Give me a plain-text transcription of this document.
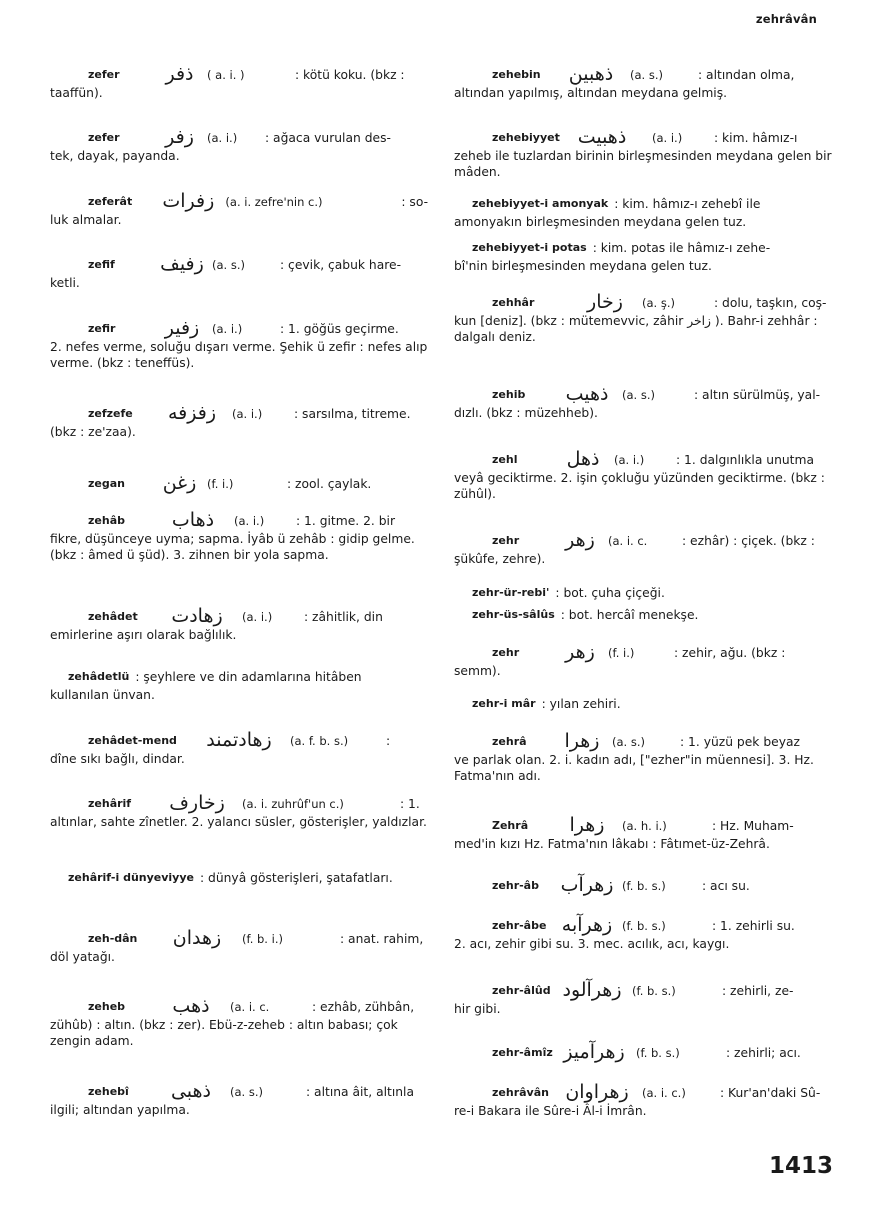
zehrâvân
zefer	ذفر	( a. i. )	: kötü koku. (bkz :

taaffün).

zefer	زفر	(a. i.)	: ağaca vurulan des-

tek, dayak, payanda.

zeferât	زفرات (a. i. zefre'nin c.)	: so-

luk almalar.

zefif	زفیف (a. s.)	: çevik, çabuk hare-

ketli.

zefir	زفیر	(a. i.)	: 1. göğüs geçirme.

2. nefes verme, soluğu dışarı verme. Şehik ü zefir : nefes alıp verme. (bkz : teneffüs).

zefzefe	زفزفه	(a. i.)	: sarsılma, titreme.

(bkz : ze'zaa).

zegan	زغن (f. i.)	: zool. çaylak.
zehâb	ذهاب	(a. i.)	: 1. gitme. 2. bir

fikre, düşünceye uyma; sapma. İyâb ü zehâb : gidip gelme. (bkz : âmed ü şüd). 3. zihnen bir yola sapma.

zehâdet	زهادت	(a. i.)	: zâhitlik, din

emirlerine aşırı olarak bağlılık.

zehâdetlü : şeyhlere ve din adamlarına hitâben

kullanılan ünvan.

zehâdet-mend	زهادتمند	(a. f. b. s.)	:

dîne sıkı bağlı, dindar.

zehârif	زخارف	(a. i. zuhrûf'un c.)	: 1.

altınlar, sahte zînetler. 2. yalancı süsler, gösterişler, yaldızlar.

zehârif-i dünyeviyye : dünyâ gösterişleri, şatafatları.
zeh-dân	زهدان	(f. b. i.)	: anat. rahim,

döl yatağı.

zeheb	ذهب	(a. i. c.	: ezhâb, zühbân,

zühûb) : altın. (bkz : zer). Ebü-z-zeheb : altın babası; çok zengin adam.

zehebî	ذهبی	(a. s.)	: altına âit, altınla

ilgili; altından yapılma.

zehebin	ذهبین	(a. s.)	: altından olma,

altından yapılmış, altından meydana gelmiş.

zehebiyyet ذهبیت	(a. i.)	: kim. hâmız-ı

zeheb ile tuzlardan birinin birleşmesinden meydana gelen bir mâden.

zehebiyyet-i amonyak : kim. hâmız-ı zehebî ile

amonyakın birleşmesinden meydana gelen tuz.

zehebiyyet-i potas : kim. potas ile hâmız-ı zehe-

bî'nin birleşmesinden meydana gelen tuz.

zehhâr	زخار	(a. ş.)	: dolu, taşkın, coş-

kun [deniz]. (bkz : mütemevvic, zâhir زاخر ). Bahr-i zehhâr : dalgalı deniz.

zehib	ذهیب	(a. s.)	: altın sürülmüş, yal-

dızlı. (bkz : müzehheb).

zehl	ذهل	(a. i.)	: 1. dalgınlıkla unutma

veyâ geciktirme. 2. işin çokluğu yüzünden geciktirme. (bkz : zühûl).

zehr	زهر	(a. i. c.	: ezhâr) : çiçek. (bkz :

şükûfe, zehre).

zehr-ür-rebi' : bot. çuha çiçeği.
zehr-üs-sâlûs : bot. hercâî menekşe.
zehr	زهر	(f. i.)	: zehir, ağu. (bkz :

semm).

zehr-i mâr : yılan zehiri.
zehrâ	زهرا	(a. s.)	: 1. yüzü pek beyaz

ve parlak olan. 2. i. kadın adı, ["ezher"in müennesi]. 3. Hz. Fatma'nın adı.

Zehrâ	زهرا	(a. h. i.)	: Hz. Muham-

med'in kızı Hz. Fatma'nın lâkabı : Fâtımet-üz-Zehrâ.

zehr-âb	زهرآب (f. b. s.)	: acı su.
zehr-âbe زهرآبه (f. b. s.)	: 1. zehirli su.

2. acı, zehir gibi su. 3. mec. acılık, acı, kaygı.

zehr-âlûd زهرآلود (f. b. s.)	: zehirli, ze-

hir gibi.

zehr-âmîz زهرآمیز (f. b. s.)	: zehirli; acı.
zehrâvân زهراوان	(a. i. c.)	: Kur'an'daki Sû-

re-i Bakara ile Sûre-i Âl-i İmrân.

1413
